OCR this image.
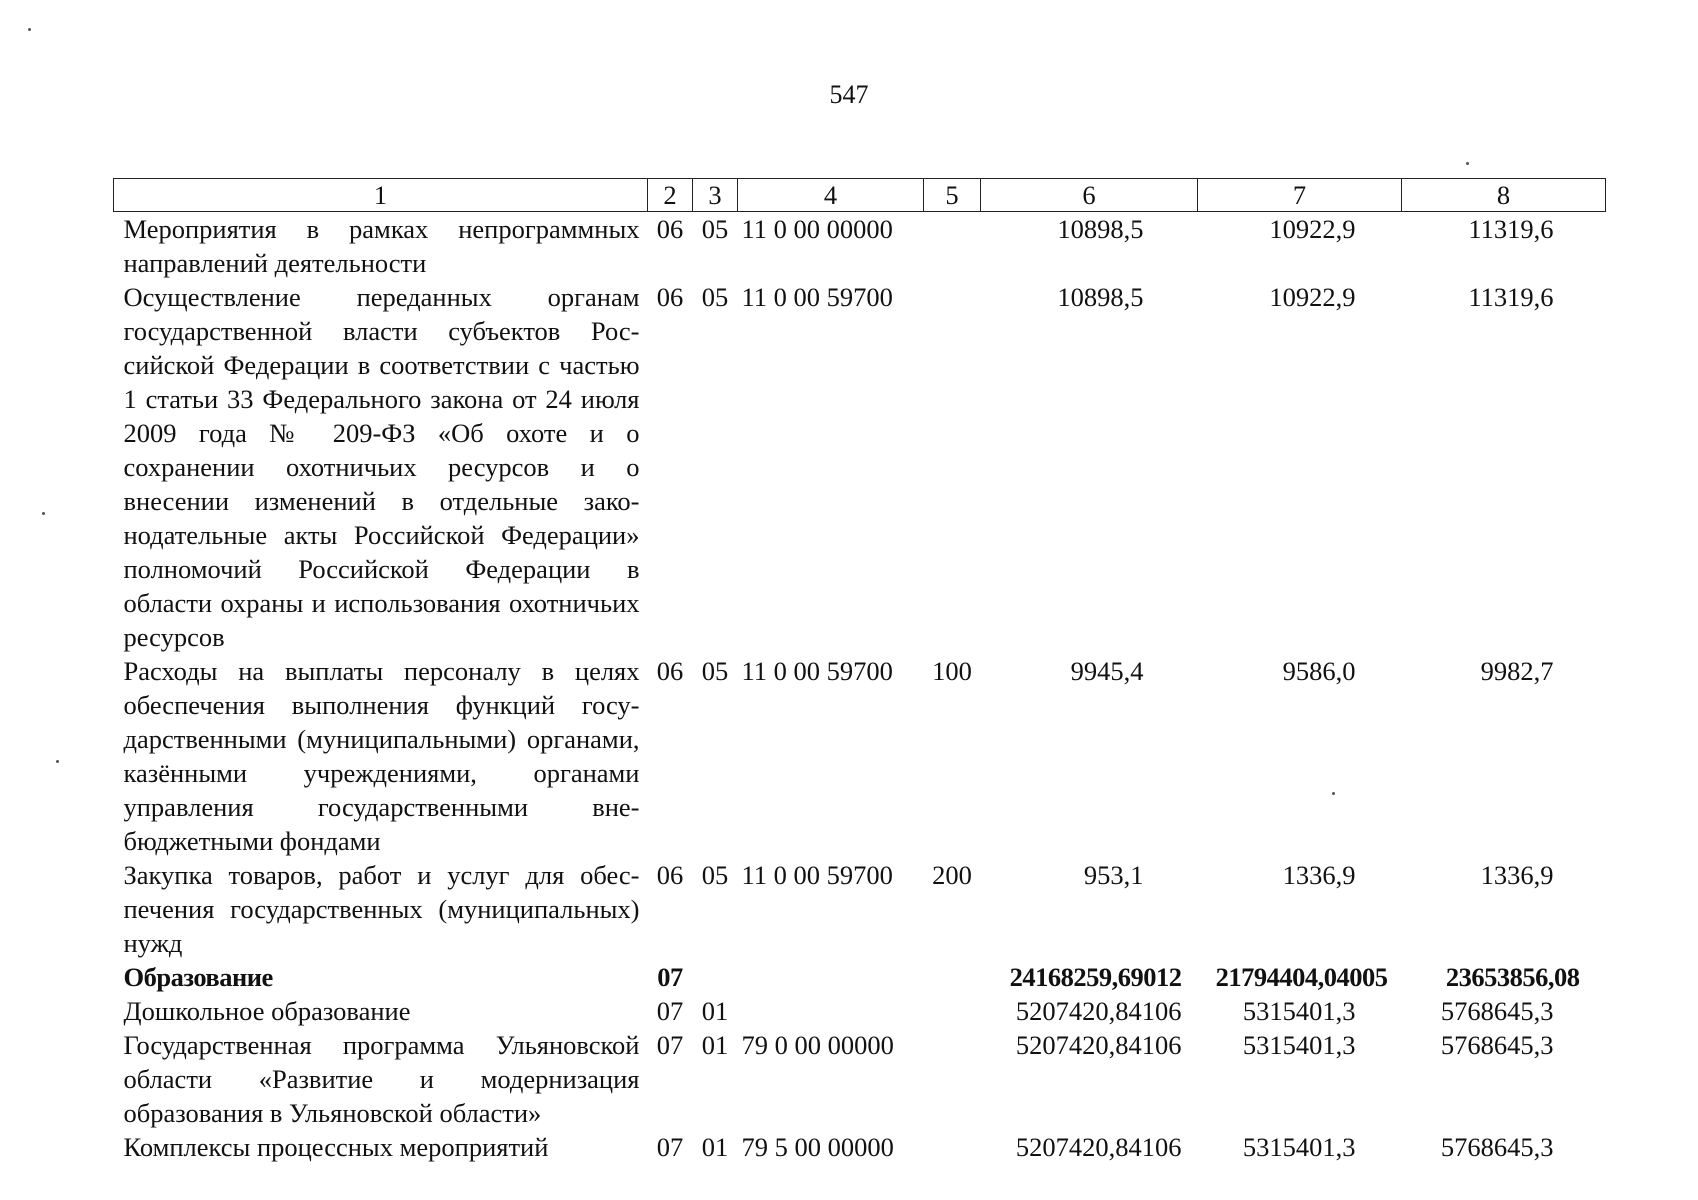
547
1	2	3	4	5	6	7	8
Мероприятия в рамках непрограммных направлений деятельности	06	05	11 0 00 00000		10898,5	10922,9	11319,6
Осуществление переданных органам государственной власти субъектов Российской Федерации в соответствии с частью 1 статьи 33 Федерального закона от 24 июля 2009 года № 209-ФЗ «Об охоте и о сохранении охотничьих ресурсов и о внесении изменений в отдельные законодательные акты Российской Федерации» полномочий Российской Федерации в области охраны и использования охотничьих ресурсов	06	05	11 0 00 59700		10898,5	10922,9	11319,6
Расходы на выплаты персоналу в целях обеспечения выполнения функций государственными (муниципальными) органами, казёнными учреждениями, органами управления государственными внебюджетными фондами	06	05	11 0 00 59700	100	9945,4	9586,0	9982,7
Закупка товаров, работ и услуг для обеспечения государственных (муниципальных) нужд	06	05	11 0 00 59700	200	953,1	1336,9	1336,9
Образование	07				24168259,69012	21794404,04005	23653856,08
Дошкольное образование	07	01			5207420,84106	5315401,3	5768645,3
Государственная программа Ульяновской области «Развитие и модернизация образования в Ульяновской области»	07	01	79 0 00 00000		5207420,84106	5315401,3	5768645,3
Комплексы процессных мероприятий	07	01	79 5 00 00000		5207420,84106	5315401,3	5768645,3
